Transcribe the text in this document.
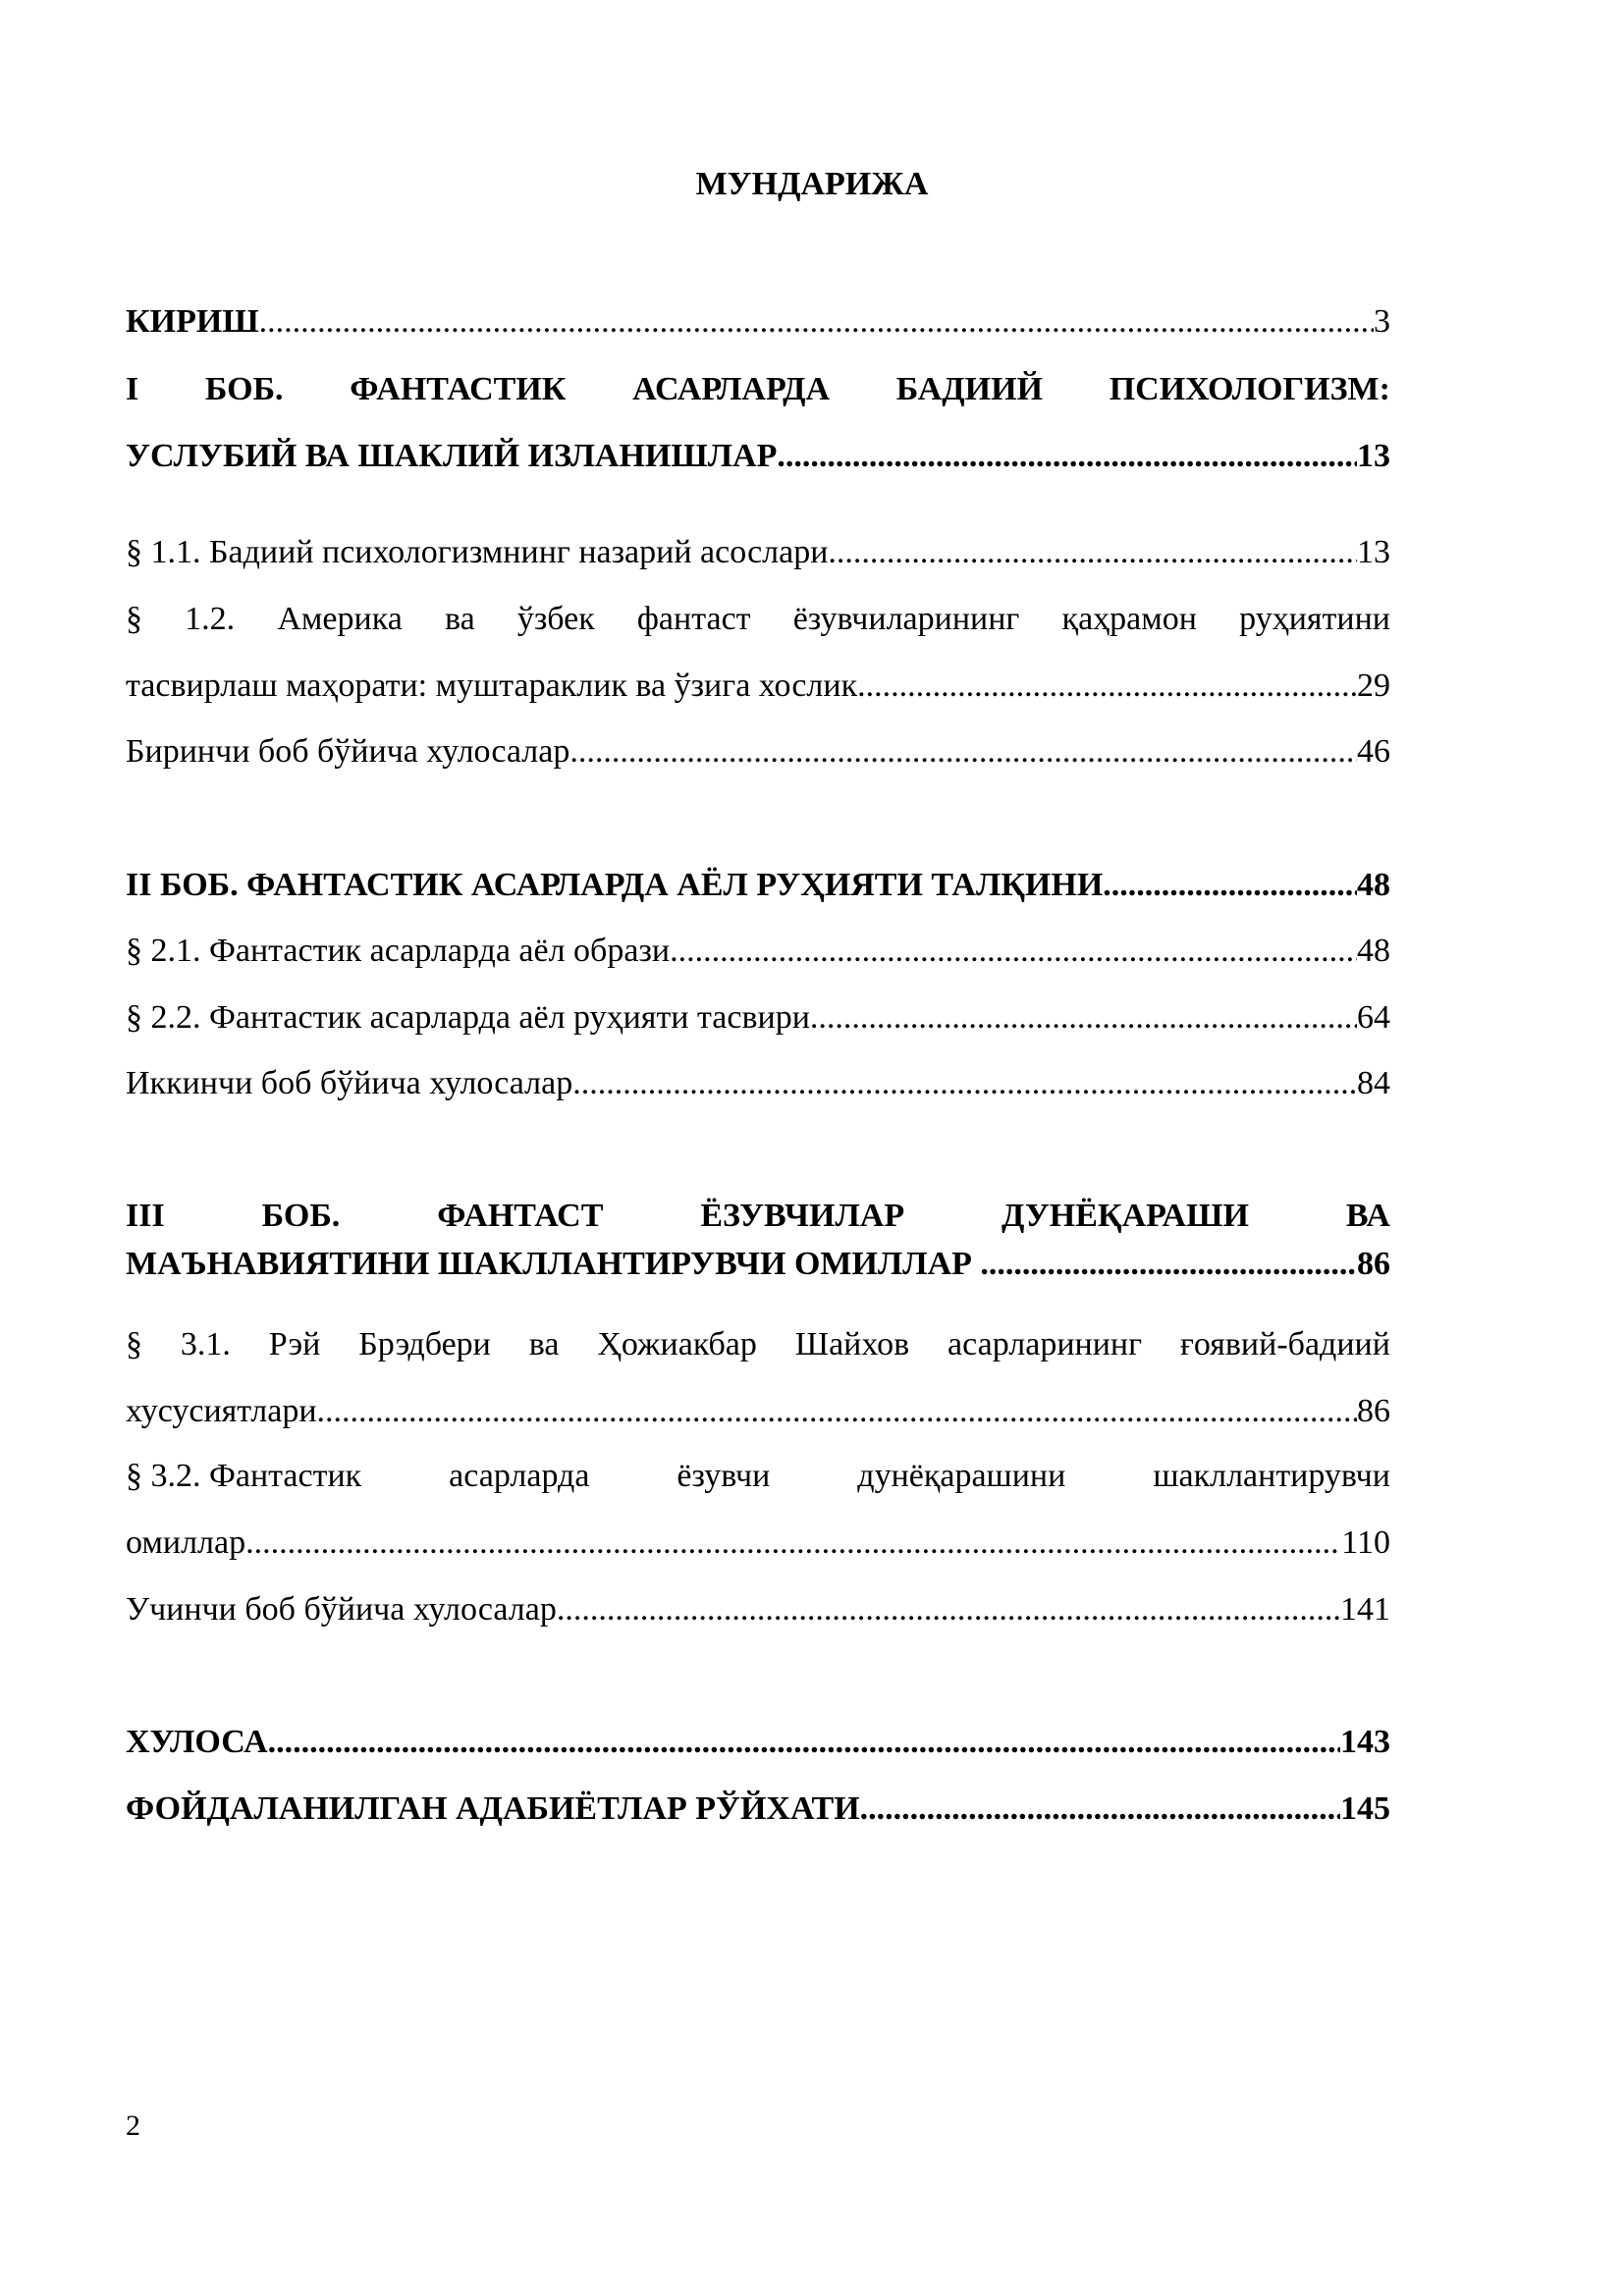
МУНДАРИЖА
КИРИШ .....	3
I БОБ. ФАНТАСТИК АСАРЛАРДА БАДИИЙ ПСИХОЛОГИЗМ:
УСЛУБИЙ ВА ШАКЛИЙ ИЗЛАНИШЛАР .....	13
§ 1.1. Бадиий психологизмнинг назарий асослари .....	13
§ 1.2. Америка ва ўзбек фантаст ёзувчиларининг қаҳрамон руҳиятини
тасвирлаш маҳорати: муштараклик ва ўзига хослик .....	29
Биринчи боб бўйича хулосалар .....	46
II БОБ. ФАНТАСТИК АСАРЛАРДА АЁЛ РУҲИЯТИ ТАЛҚИНИ .....	48
§ 2.1. Фантастик асарларда аёл образи .....	48
§ 2.2. Фантастик асарларда аёл руҳияти тасвири .....	64
Иккинчи боб бўйича хулосалар .....	84
III	БОБ.	ФАНТАСТ	ЁЗУВЧИЛАР	ДУНЁҚАРАШИ	ВА
МАЪНАВИЯТИНИ ШАКЛЛАНТИРУВЧИ ОМИЛЛАР .....	86
§ 3.1. Рэй Брэдбери ва Ҳожиакбар Шайхов асарларининг ғоявий-бадиий
хусусиятлари .....	86
§ 3.2. Фантастик	асарларда	ёзувчи	дунёқарашини	шакллантирувчи
омиллар .....	110
Учинчи боб бўйича хулосалар .....	141
ХУЛОСА .....	143
ФОЙДАЛАНИЛГАН АДАБИЁТЛАР РЎЙХАТИ .....	145
2
